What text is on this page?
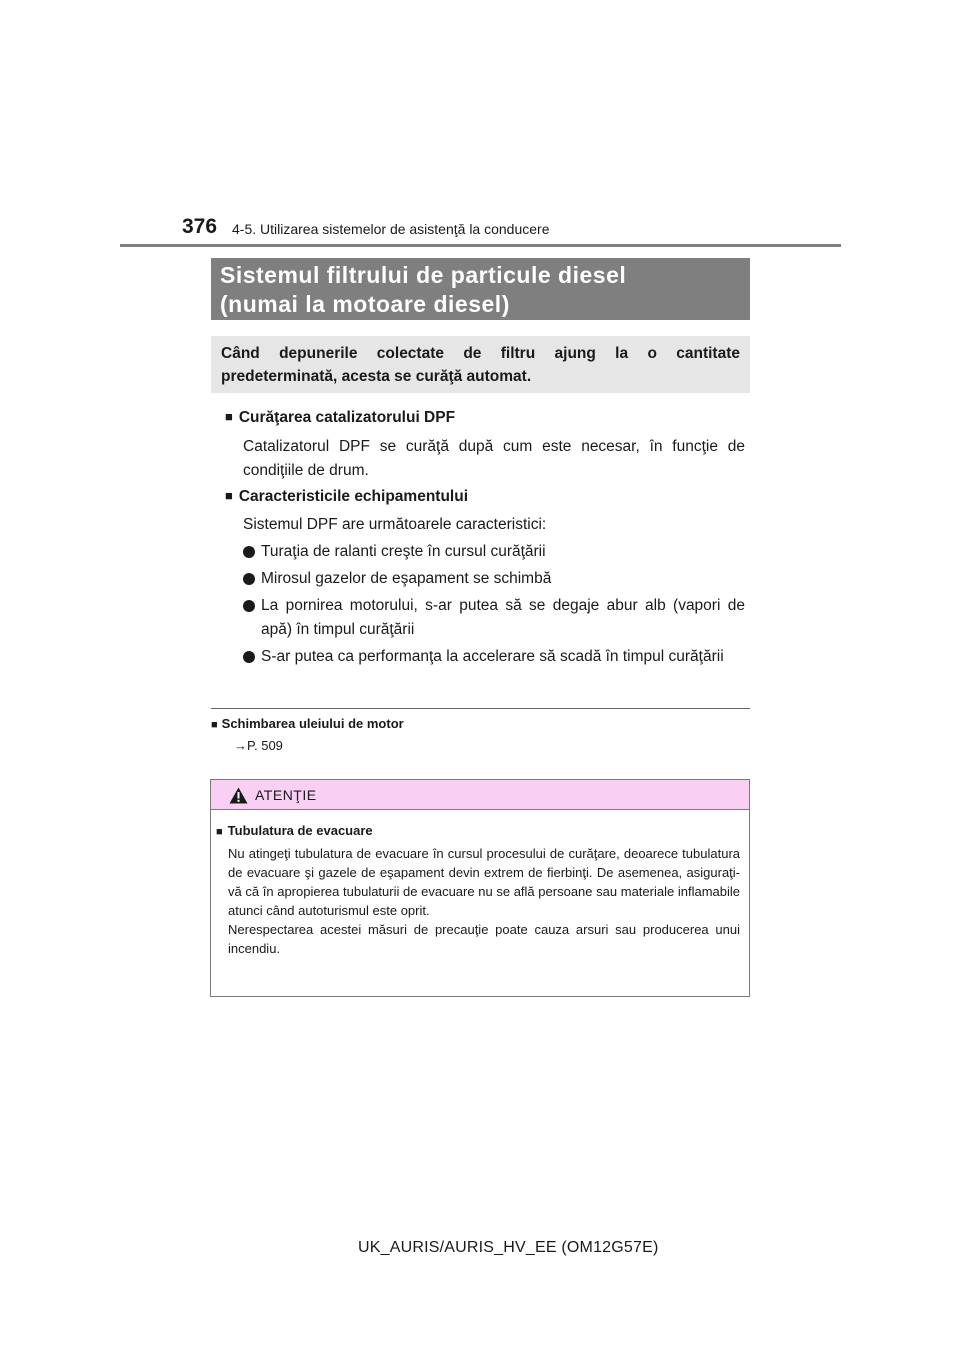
376 4-5. Utilizarea sistemelor de asistenţă la conducere
Sistemul filtrului de particule diesel
(numai la motoare diesel)
Când depunerile colectate de filtru ajung la o cantitate predeterminată, acesta se curăţă automat.
■ Curăţarea catalizatorului DPF
Catalizatorul DPF se curăţă după cum este necesar, în funcţie de condiţiile de drum.
■ Caracteristicile echipamentului
Sistemul DPF are următoarele caracteristici:
Turaţia de ralanti creşte în cursul curăţării
Mirosul gazelor de eşapament se schimbă
La pornirea motorului, s-ar putea să se degaje abur alb (vapori de apă) în timpul curăţării
S-ar putea ca performanţa la accelerare să scadă în timpul curăţării
■ Schimbarea uleiului de motor
→P. 509
ATENŢIE
■ Tubulatura de evacuare

Nu atingeţi tubulatura de evacuare în cursul procesului de curăţare, deoarece tubulatura de evacuare şi gazele de eşapament devin extrem de fierbinţi. De asemenea, asiguraţi-vă că în apropierea tubulaturii de evacuare nu se află persoane sau materiale inflamabile atunci când autoturismul este oprit.

Nerespectarea acestei măsuri de precauţie poate cauza arsuri sau producerea unui incendiu.

UK_AURIS/AURIS_HV_EE (OM12G57E)
